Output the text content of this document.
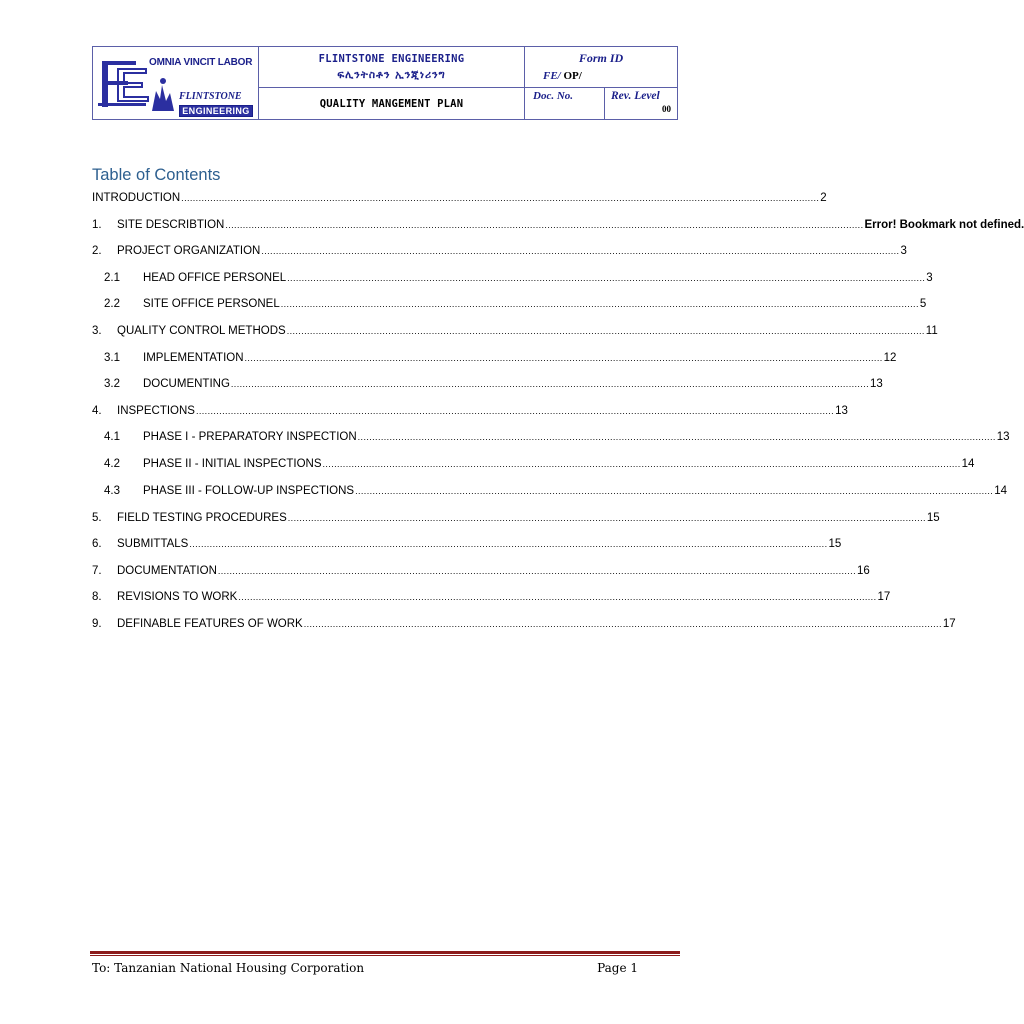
OMNIA VINCIT LABOR
FLINTSTONE
ENGINEERING
FLINTSTONE ENGINEERING
ፍሊንትስቶን ኢንጂነሪንግ
QUALITY MANGEMENT PLAN
Form ID
FE/ OP/
Doc. No.	Rev. Level
00
Table of Contents
INTRODUCTION ............................................................................................................................................................................................................................ 2
1.	SITE DESCRIBTION ............................................................................................................................................................................................................................ Error! Bookmark not defined.
2.	PROJECT ORGANIZATION ............................................................................................................................................................................................................................ 3
2.1	HEAD OFFICE PERSONEL ............................................................................................................................................................................................................................ 3
2.2	SITE OFFICE PERSONEL ............................................................................................................................................................................................................................ 5
3.	QUALITY CONTROL METHODS ............................................................................................................................................................................................................................ 11
3.1	IMPLEMENTATION ............................................................................................................................................................................................................................ 12
3.2	DOCUMENTING ............................................................................................................................................................................................................................ 13
4.	INSPECTIONS ............................................................................................................................................................................................................................ 13
4.1	PHASE I - PREPARATORY INSPECTION ............................................................................................................................................................................................................................ 13
4.2	PHASE II - INITIAL INSPECTIONS ............................................................................................................................................................................................................................ 14
4.3	PHASE III - FOLLOW-UP INSPECTIONS ............................................................................................................................................................................................................................ 14
5.	FIELD TESTING PROCEDURES ............................................................................................................................................................................................................................ 15
6.	SUBMITTALS ............................................................................................................................................................................................................................ 15
7.	DOCUMENTATION ............................................................................................................................................................................................................................ 16
8.	REVISIONS TO WORK ............................................................................................................................................................................................................................ 17
9.	DEFINABLE FEATURES OF WORK ............................................................................................................................................................................................................................ 17
To: Tanzanian National Housing Corporation	Page 1
